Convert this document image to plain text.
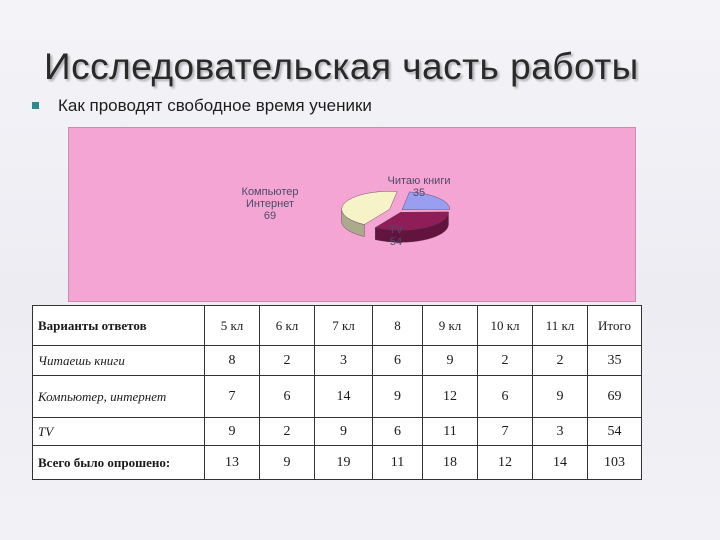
Исследовательская часть работы
Как проводят свободное время ученики
Читаю книги
35
TV
54
Компьютер
Интернет
69
Варианты ответов	5 кл	6 кл	7 кл	8	9 кл	10 кл	11 кл	Итого
Читаешь книги	8	2	3	6	9	2	2	35
Компьютер, интернет	7	6	14	9	12	6	9	69
TV	9	2	9	6	11	7	3	54
Всего было опрошено:	13	9	19	11	18	12	14	103
